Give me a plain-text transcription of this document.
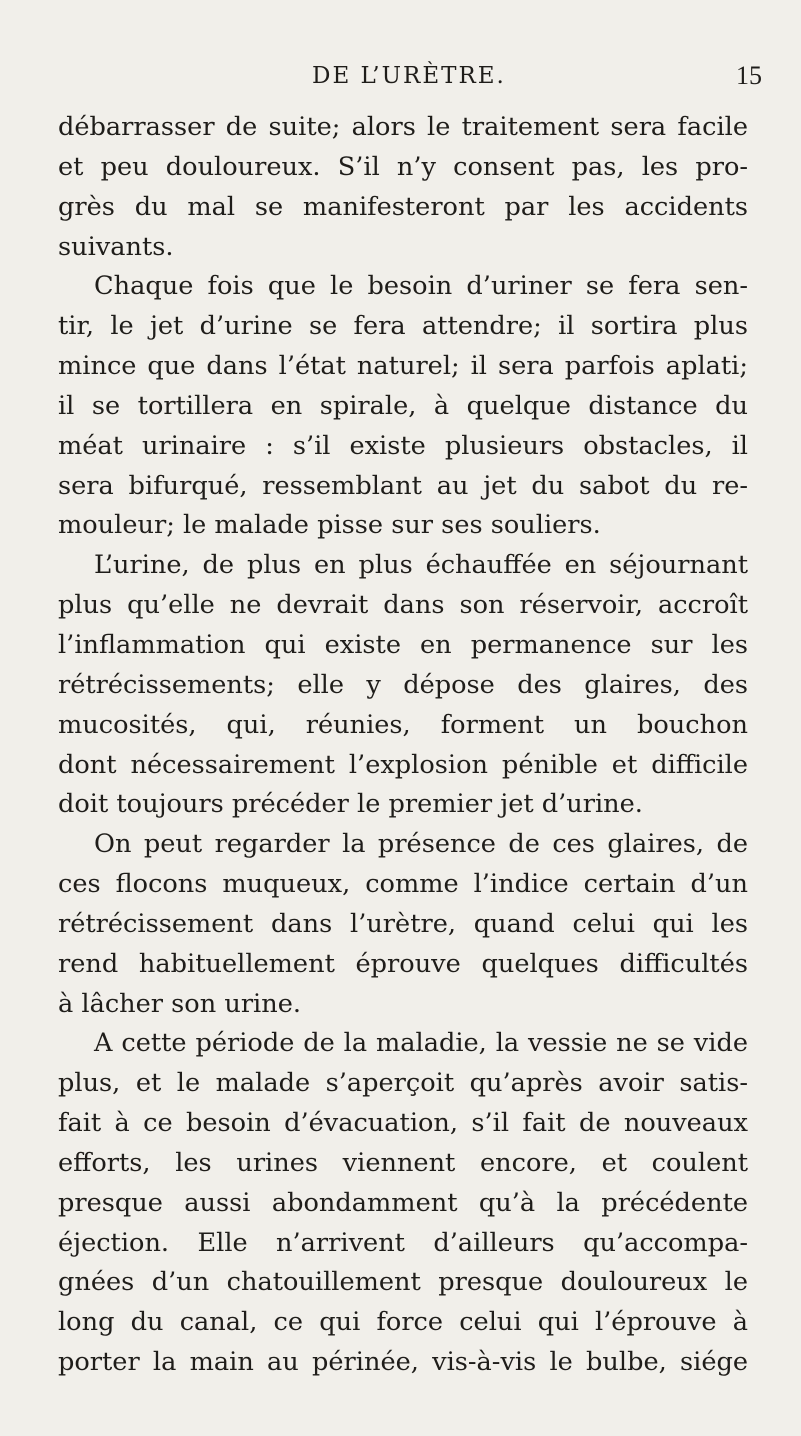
DE L’URÈTRE.	15
débarrasser de suite; alors le traitement sera facile
et peu douloureux. S’il n’y consent pas, les pro-
grès du mal se manifesteront par les accidents
suivants.
Chaque fois que le besoin d’uriner se fera sen-
tir, le jet d’urine se fera attendre; il sortira plus
mince que dans l’état naturel; il sera parfois aplati;
il se tortillera en spirale, à quelque distance du
méat urinaire : s’il existe plusieurs obstacles, il
sera bifurqué, ressemblant au jet du sabot du re-
mouleur; le malade pisse sur ses souliers.
L’urine, de plus en plus échauffée en séjournant
plus qu’elle ne devrait dans son réservoir, accroît
l’inflammation qui existe en permanence sur les
rétrécissements; elle y dépose des glaires, des
mucosités, qui, réunies, forment un bouchon
dont nécessairement l’explosion pénible et difficile
doit toujours précéder le premier jet d’urine.
On peut regarder la présence de ces glaires, de
ces flocons muqueux, comme l’indice certain d’un
rétrécissement dans l’urètre, quand celui qui les
rend habituellement éprouve quelques difficultés
à lâcher son urine.
A cette période de la maladie, la vessie ne se vide
plus, et le malade s’aperçoit qu’après avoir satis-
fait à ce besoin d’évacuation, s’il fait de nouveaux
efforts, les urines viennent encore, et coulent
presque aussi abondamment qu’à la précédente
éjection. Elle n’arrivent d’ailleurs qu’accompa-
gnées d’un chatouillement presque douloureux le
long du canal, ce qui force celui qui l’éprouve à
porter la main au périnée, vis-à-vis le bulbe, siége
